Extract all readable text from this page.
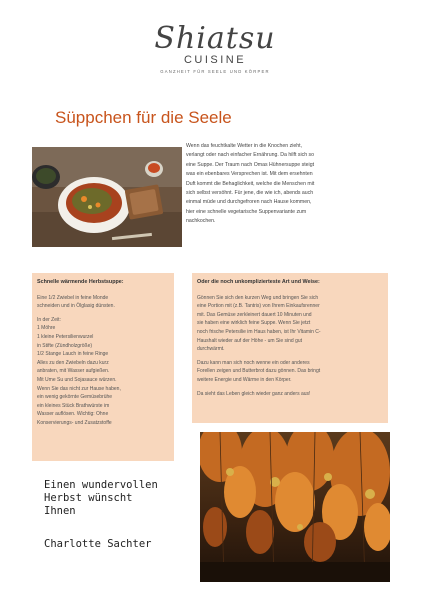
Shiatsu
CUISINE
GANZHEIT FÜR SEELE UND KÖRPER
Süppchen für die Seele
Wenn das feuchtkalte Wetter in die Knochen zieht,
verlangt oder nach einfacher Ernährung. Da hilft sich so
eine Suppe. Der Traum nach Omas Hühnersuppe steigt
was ein ebenbares Versprechen ist. Mit dem ersehnten
Duft kommt die Behaglichkeit, welche die Menschen mit
sich selbst versöhnt. Für jene, die wie ich, abends auch
einmal müde und durchgefroren nach Hause kommen,
hier eine schnelle vegetarische Suppenvariante zum
nachkochen.
Schnelle wärmende Herbstsuppe:

Eine 1/2 Zwiebel in feine Monde
schneiden und in Ölglasig dünsten.

In der Zeit:
1 Möhre
1 kleine Petersilienwurzel
in Stifte (Zündholzgröße)
1/2 Stange Lauch in feine Ringe
Alles zu den Zwiebeln dazu kurz
anbraten, mit Wasser aufgießen.
Mit Ume Su und Sojasauce würzen.
Wenn Sie das nicht zur Hause haben,
ein wenig gekörnte Gemüsebrühe
ein kleines Stück Brathwürste im
Wasser auflösen. Wichtig: Ohne
Konservierungs- und Zusatzstoffe

Oder die noch unkomplizierteste Art und Weise:

Gönnen Sie sich den kurzen Weg und bringen Sie sich
eine Portion mit (z.B. Tantris) von Ihrem Einkaufsrenner
mit. Das Gemüse zerkleinert dauert 10 Minuten und
sie haben eine wirklich feine Suppe. Wenn Sie jetzt
noch frische Petersilie im Haus haben, ist Ihr Vitamin C-
Haushalt wieder auf der Höhe - um Sie sind gut
durchwärmt.

Dazu kann man sich noch wenne ein oder anderes
Forellen zeigen und Butterbrot dazu gönnen. Das bringt
weitere Energie und Wärme in den Körper.

Da sieht das Leben gleich wieder ganz anders aus!

Einen wundervollen
Herbst wünscht
Ihnen
Charlotte Sachter
